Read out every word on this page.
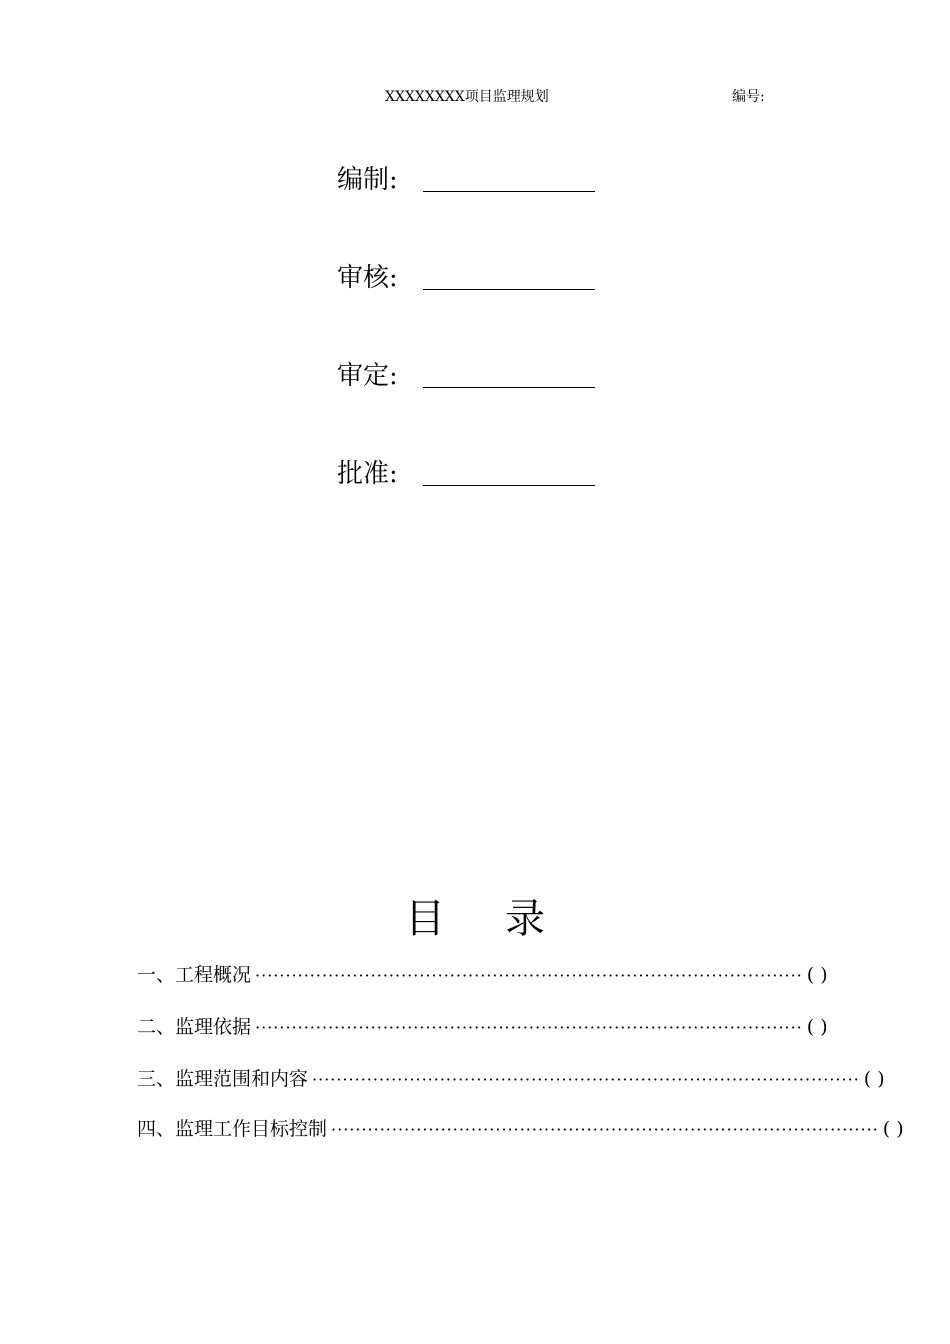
XXXXXXXX项目监理规划	编号:
编制:
审核:
审定:
批准:
目录
一、 工程概况 ·························································································· ( )
二、 监理依据 ·························································································· ( )
三、 监理范围和内容 ·························································································· ( )
四、 监理工作目标控制 ·························································································· ( )
